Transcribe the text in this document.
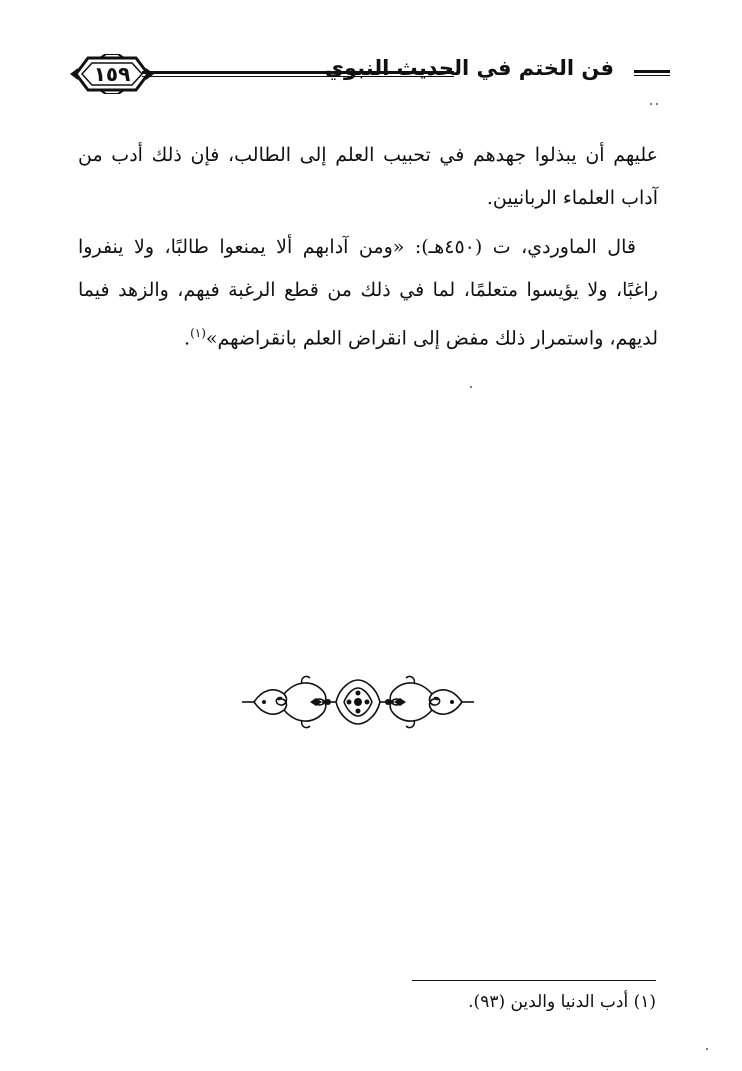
١٥٩	فن الختم في الحديث النبوي

عليهم أن يبذلوا جهدهم في تحبيب العلم إلى الطالب، فإن ذلك أدب من آداب العلماء الربانيين.

قال الماوردي، ت (٤٥٠هـ): «ومن آدابهم ألا يمنعوا طالبًا، ولا ينفروا راغبًا، ولا يؤيسوا متعلمًا، لما في ذلك من قطع الرغبة فيهم، والزهد فيما لديهم، واستمرار ذلك مفض إلى انقراض العلم بانقراضهم»$^{(١)}$.

(١) أدب الدنيا والدين (٩٣).
